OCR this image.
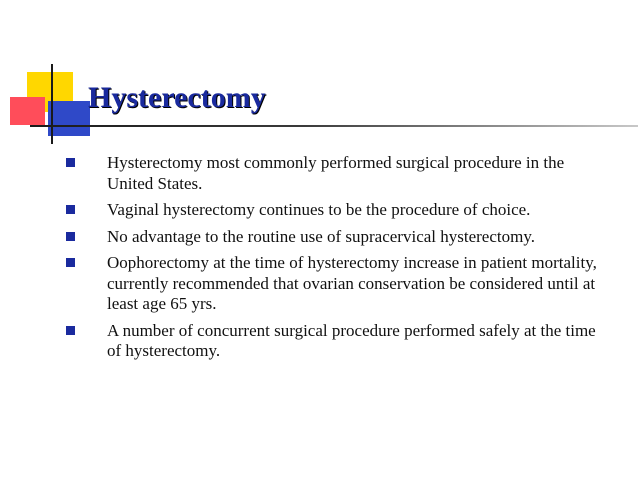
Hysterectomy
Hysterectomy most commonly performed surgical procedure in the United States.
Vaginal hysterectomy continues to be the procedure of choice.
No advantage to the routine use of supracervical hysterectomy.
Oophorectomy at the time of hysterectomy increase in patient mortality, currently recommended that ovarian conservation be considered until at least age 65 yrs.
A number of concurrent surgical procedure performed safely at the time of hysterectomy.
